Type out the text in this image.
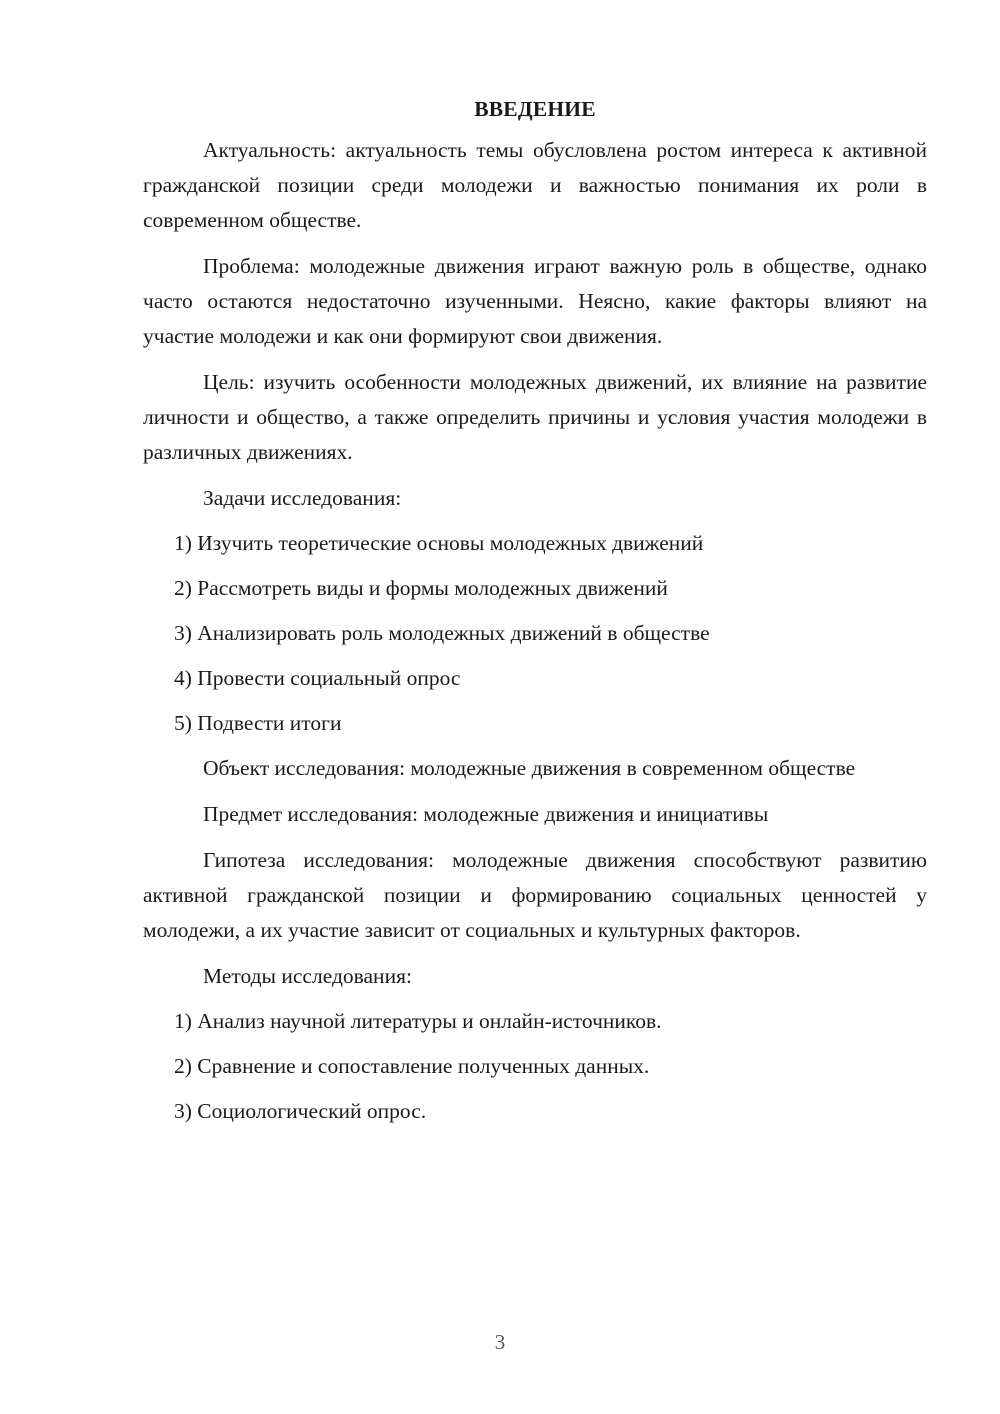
ВВЕДЕНИЕ

Актуальность: актуальность темы обусловлена ростом интереса к активной гражданской позиции среди молодежи и важностью понимания их роли в современном обществе.

Проблема: молодежные движения играют важную роль в обществе, однако часто остаются недостаточно изученными. Неясно, какие факторы влияют на участие молодежи и как они формируют свои движения.

Цель: изучить особенности молодежных движений, их влияние на развитие личности и общество, а также определить причины и условия участия молодежи в различных движениях.

Задачи исследования:

1) Изучить теоретические основы молодежных движений
2) Рассмотреть виды и формы молодежных движений
3) Анализировать роль молодежных движений в обществе
4) Провести социальный опрос
5) Подвести итоги

Объект исследования: молодежные движения в современном обществе

Предмет исследования: молодежные движения и инициативы

Гипотеза исследования: молодежные движения способствуют развитию активной гражданской позиции и формированию социальных ценностей у молодежи, а их участие зависит от социальных и культурных факторов.

Методы исследования:

1) Анализ научной литературы и онлайн-источников.
2) Сравнение и сопоставление полученных данных.
3) Социологический опрос.
3
